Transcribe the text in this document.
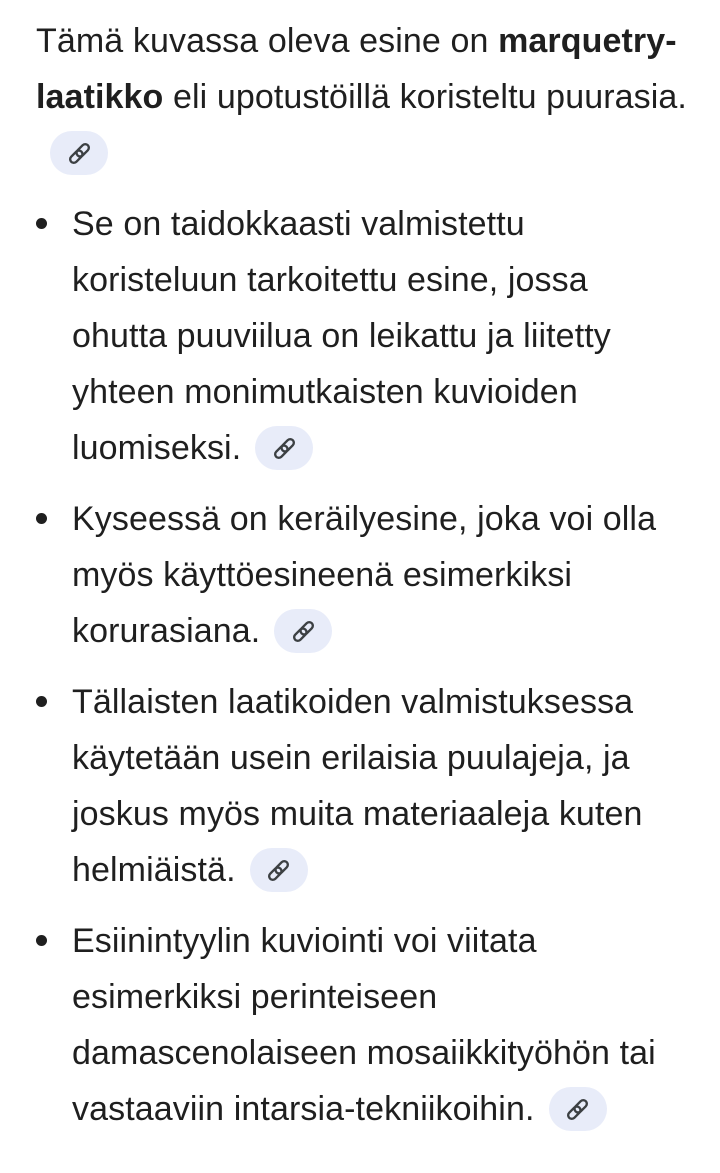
Tämä kuvassa oleva esine on marquetry-laatikko eli upotustöillä koristeltu puurasia.

Se on taidokkaasti valmistettu koristeluun tarkoitettu esine, jossa ohutta puuviilua on leikattu ja liitetty yhteen monimutkaisten kuvioiden luomiseksi.
Kyseessä on keräilyesine, joka voi olla myös käyttöesineenä esimerkiksi korurasiana.
Tällaisten laatikoiden valmistuksessa käytetään usein erilaisia puulajeja, ja joskus myös muita materiaaleja kuten helmiäistä.
Esiinintyylin kuviointi voi viitata esimerkiksi perinteiseen damascenolaiseen mosaiikkityöhön tai vastaaviin intarsia-tekniikoihin.
